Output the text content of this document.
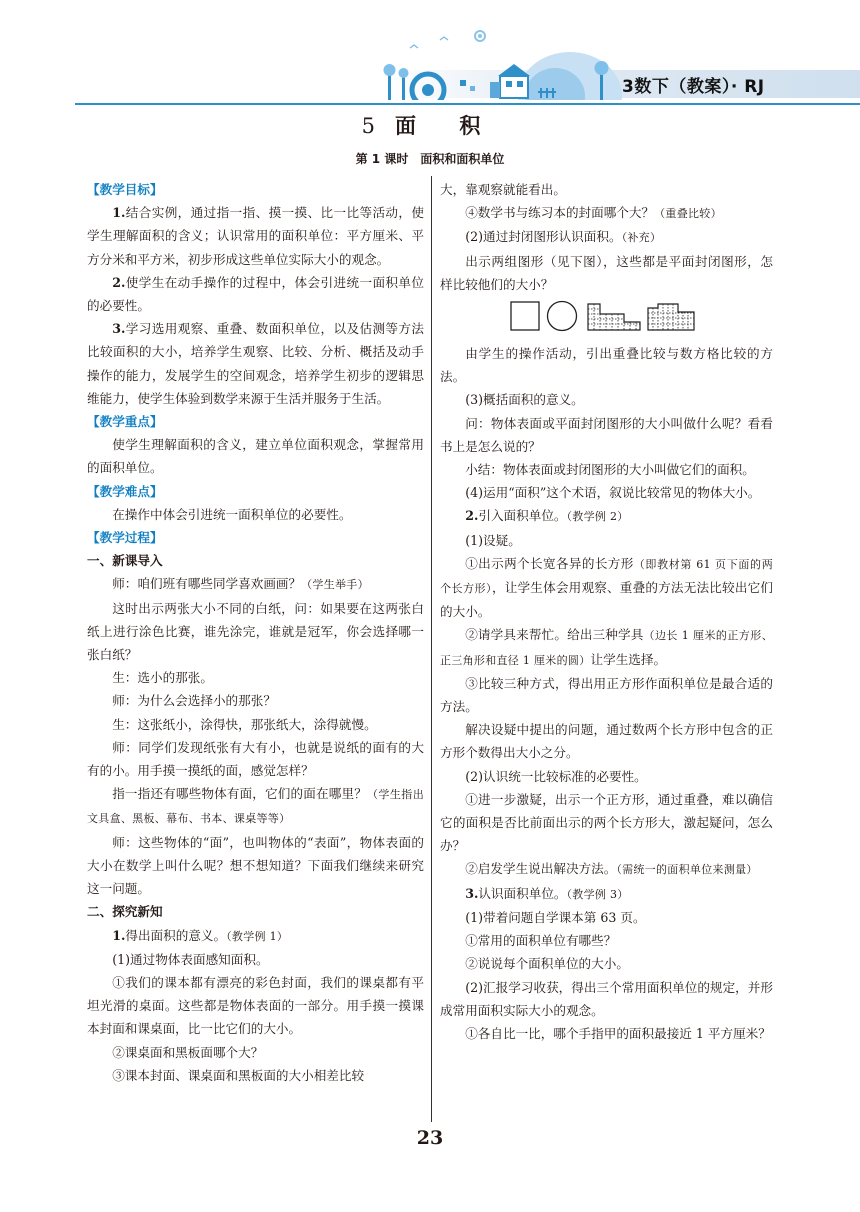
3数下（教案）· RJ
5 面 积
第 1 课时 面积和面积单位

【教学目标】

1.结合实例，通过指一指、摸一摸、比一比等活动，使学生理解面积的含义；认识常用的面积单位：平方厘米、平方分米和平方米，初步形成这些单位实际大小的观念。

2.使学生在动手操作的过程中，体会引进统一面积单位的必要性。

3.学习选用观察、重叠、数面积单位，以及估测等方法比较面积的大小，培养学生观察、比较、分析、概括及动手操作的能力，发展学生的空间观念，培养学生初步的逻辑思维能力，使学生体验到数学来源于生活并服务于生活。

【教学重点】

使学生理解面积的含义，建立单位面积观念，掌握常用的面积单位。

【教学难点】

在操作中体会引进统一面积单位的必要性。

【教学过程】

一、新课导入

师：咱们班有哪些同学喜欢画画？（学生举手）

这时出示两张大小不同的白纸，问：如果要在这两张白纸上进行涂色比赛，谁先涂完，谁就是冠军，你会选择哪一张白纸？

生：选小的那张。

师：为什么会选择小的那张？

生：这张纸小，涂得快，那张纸大，涂得就慢。

师：同学们发现纸张有大有小，也就是说纸的面有的大有的小。用手摸一摸纸的面，感觉怎样？

指一指还有哪些物体有面，它们的面在哪里？（学生指出文具盒、黑板、幕布、书本、课桌等等）

师：这些物体的“面”，也叫物体的“表面”，物体表面的大小在数学上叫什么呢？想不想知道？下面我们继续来研究这一问题。

二、探究新知

1.得出面积的意义。（教学例 1）

(1)通过物体表面感知面积。

①我们的课本都有漂亮的彩色封面，我们的课桌都有平坦光滑的桌面。这些都是物体表面的一部分。用手摸一摸课本封面和课桌面，比一比它们的大小。

②课桌面和黑板面哪个大？

③课本封面、课桌面和黑板面的大小相差比较

大，靠观察就能看出。

④数学书与练习本的封面哪个大？（重叠比较）

(2)通过封闭图形认识面积。（补充）

出示两组图形（见下图），这些都是平面封闭图形，怎样比较他们的大小？

由学生的操作活动，引出重叠比较与数方格比较的方法。

(3)概括面积的意义。

问：物体表面或平面封闭图形的大小叫做什么呢？看看书上是怎么说的？

小结：物体表面或封闭图形的大小叫做它们的面积。

(4)运用“面积”这个术语，叙说比较常见的物体大小。

2.引入面积单位。（教学例 2）

(1)设疑。

①出示两个长宽各异的长方形（即教材第 61 页下面的两个长方形），让学生体会用观察、重叠的方法无法比较出它们的大小。

②请学具来帮忙。给出三种学具（边长 1 厘米的正方形、正三角形和直径 1 厘米的圆）让学生选择。

③比较三种方式，得出用正方形作面积单位是最合适的方法。

解决设疑中提出的问题，通过数两个长方形中包含的正方形个数得出大小之分。

(2)认识统一比较标准的必要性。

①进一步激疑，出示一个正方形，通过重叠，难以确信它的面积是否比前面出示的两个长方形大，激起疑问，怎么办？

②启发学生说出解决方法。（需统一的面积单位来测量）

3.认识面积单位。（教学例 3）

(1)带着问题自学课本第 63 页。

①常用的面积单位有哪些？

②说说每个面积单位的大小。

(2)汇报学习收获，得出三个常用面积单位的规定，并形成常用面积实际大小的观念。

①各自比一比，哪个手指甲的面积最接近 1 平方厘米？

23
